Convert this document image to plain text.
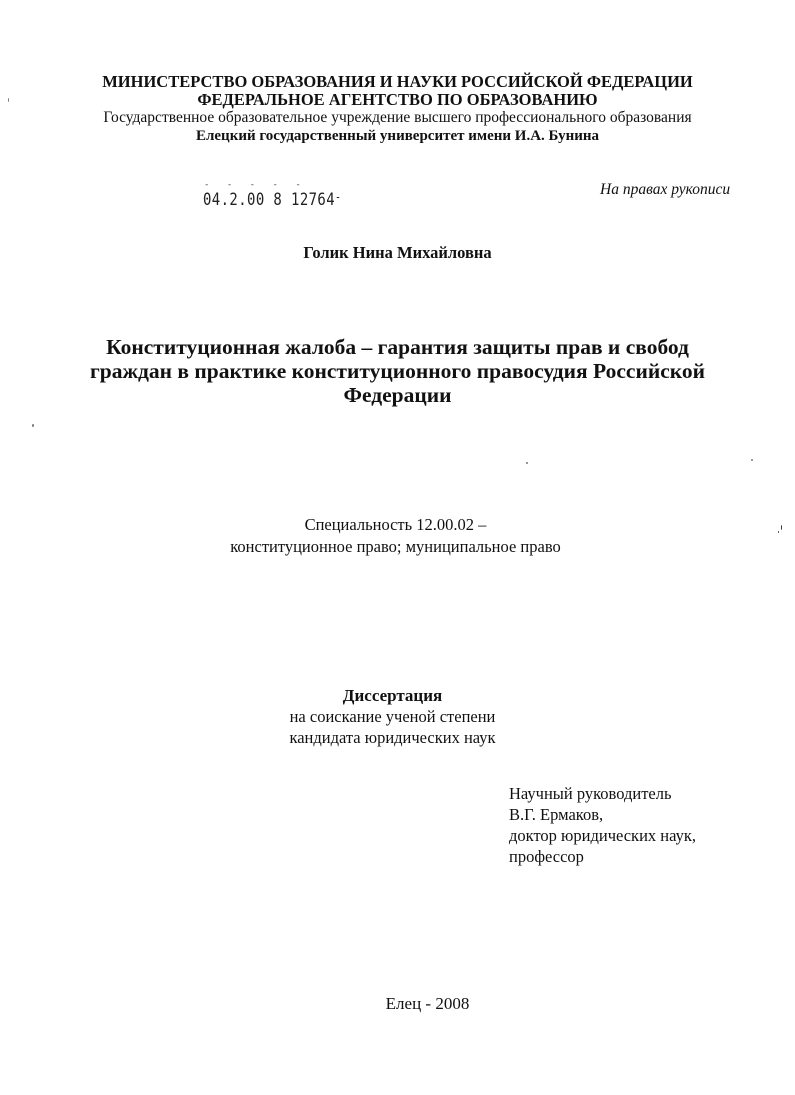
МИНИСТЕРСТВО ОБРАЗОВАНИЯ И НАУКИ РОССИЙСКОЙ ФЕДЕРАЦИИ
ФЕДЕРАЛЬНОЕ АГЕНТСТВО ПО ОБРАЗОВАНИЮ
Государственное образовательное учреждение высшего профессионального образования
Елецкий государственный университет имени И.А. Бунина
- - - - -
04.2.00 8 12764-	На правах рукописи
Голик Нина Михайловна
Конституционная жалоба – гарантия защиты прав и свобод
граждан в практике конституционного правосудия Российской
Федерации
Специальность 12.00.02 –
конституционное право; муниципальное право
Диссертация
на соискание ученой степени
кандидата юридических наук
Научный руководитель
В.Г. Ермаков,
доктор юридических наук,
профессор
Елец - 2008
